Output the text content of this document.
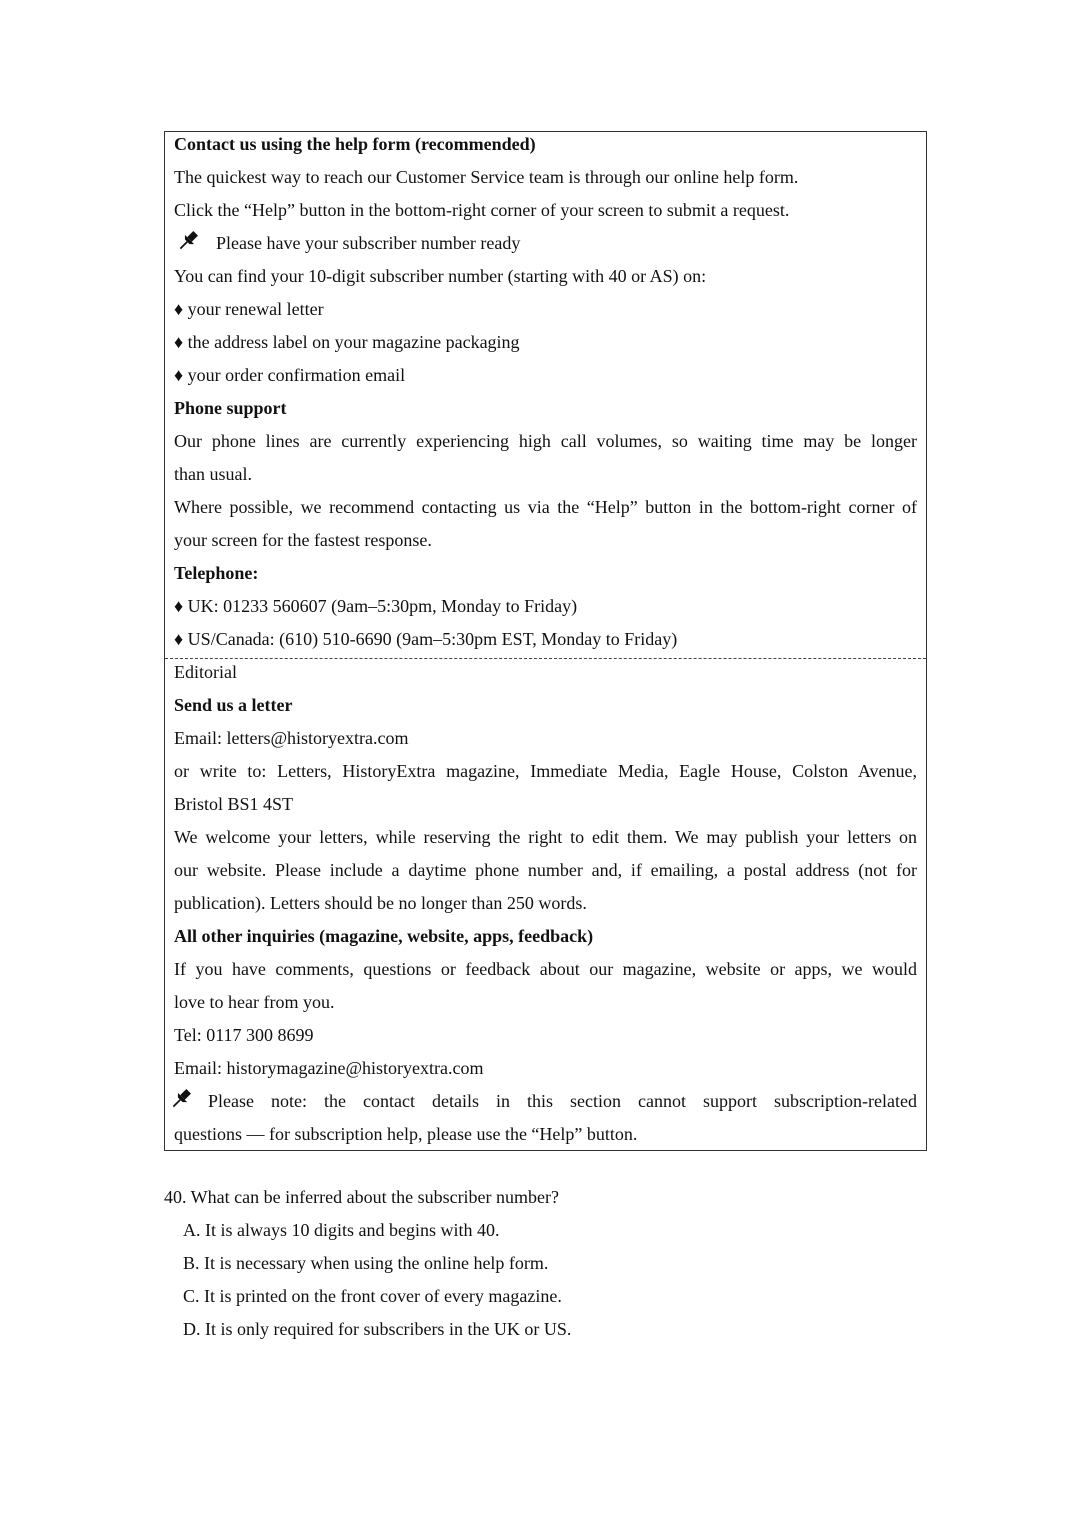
Contact us using the help form (recommended)
The quickest way to reach our Customer Service team is through our online help form.
Click the “Help” button in the bottom-right corner of your screen to submit a request.
Please have your subscriber number ready
You can find your 10-digit subscriber number (starting with 40 or AS) on:
♦ your renewal letter
♦ the address label on your magazine packaging
♦ your order confirmation email
Phone support
Our phone lines are currently experiencing high call volumes, so waiting time may be longer
than usual.
Where possible, we recommend contacting us via the “Help” button in the bottom-right corner of
your screen for the fastest response.
Telephone:
♦ UK: 01233 560607 (9am–5:30pm, Monday to Friday)
♦ US/Canada: (610) 510-6690 (9am–5:30pm EST, Monday to Friday)
Editorial
Send us a letter
Email: letters@historyextra.com
or write to: Letters, HistoryExtra magazine, Immediate Media, Eagle House, Colston Avenue,
Bristol BS1 4ST
We welcome your letters, while reserving the right to edit them. We may publish your letters on
our website. Please include a daytime phone number and, if emailing, a postal address (not for
publication). Letters should be no longer than 250 words.
All other inquiries (magazine, website, apps, feedback)
If you have comments, questions or feedback about our magazine, website or apps, we would
love to hear from you.
Tel: 0117 300 8699
Email: historymagazine@historyextra.com
Please note: the contact details in this section cannot support subscription-related
questions — for subscription help, please use the “Help” button.
40. What can be inferred about the subscriber number?
A. It is always 10 digits and begins with 40.
B. It is necessary when using the online help form.
C. It is printed on the front cover of every magazine.
D. It is only required for subscribers in the UK or US.
